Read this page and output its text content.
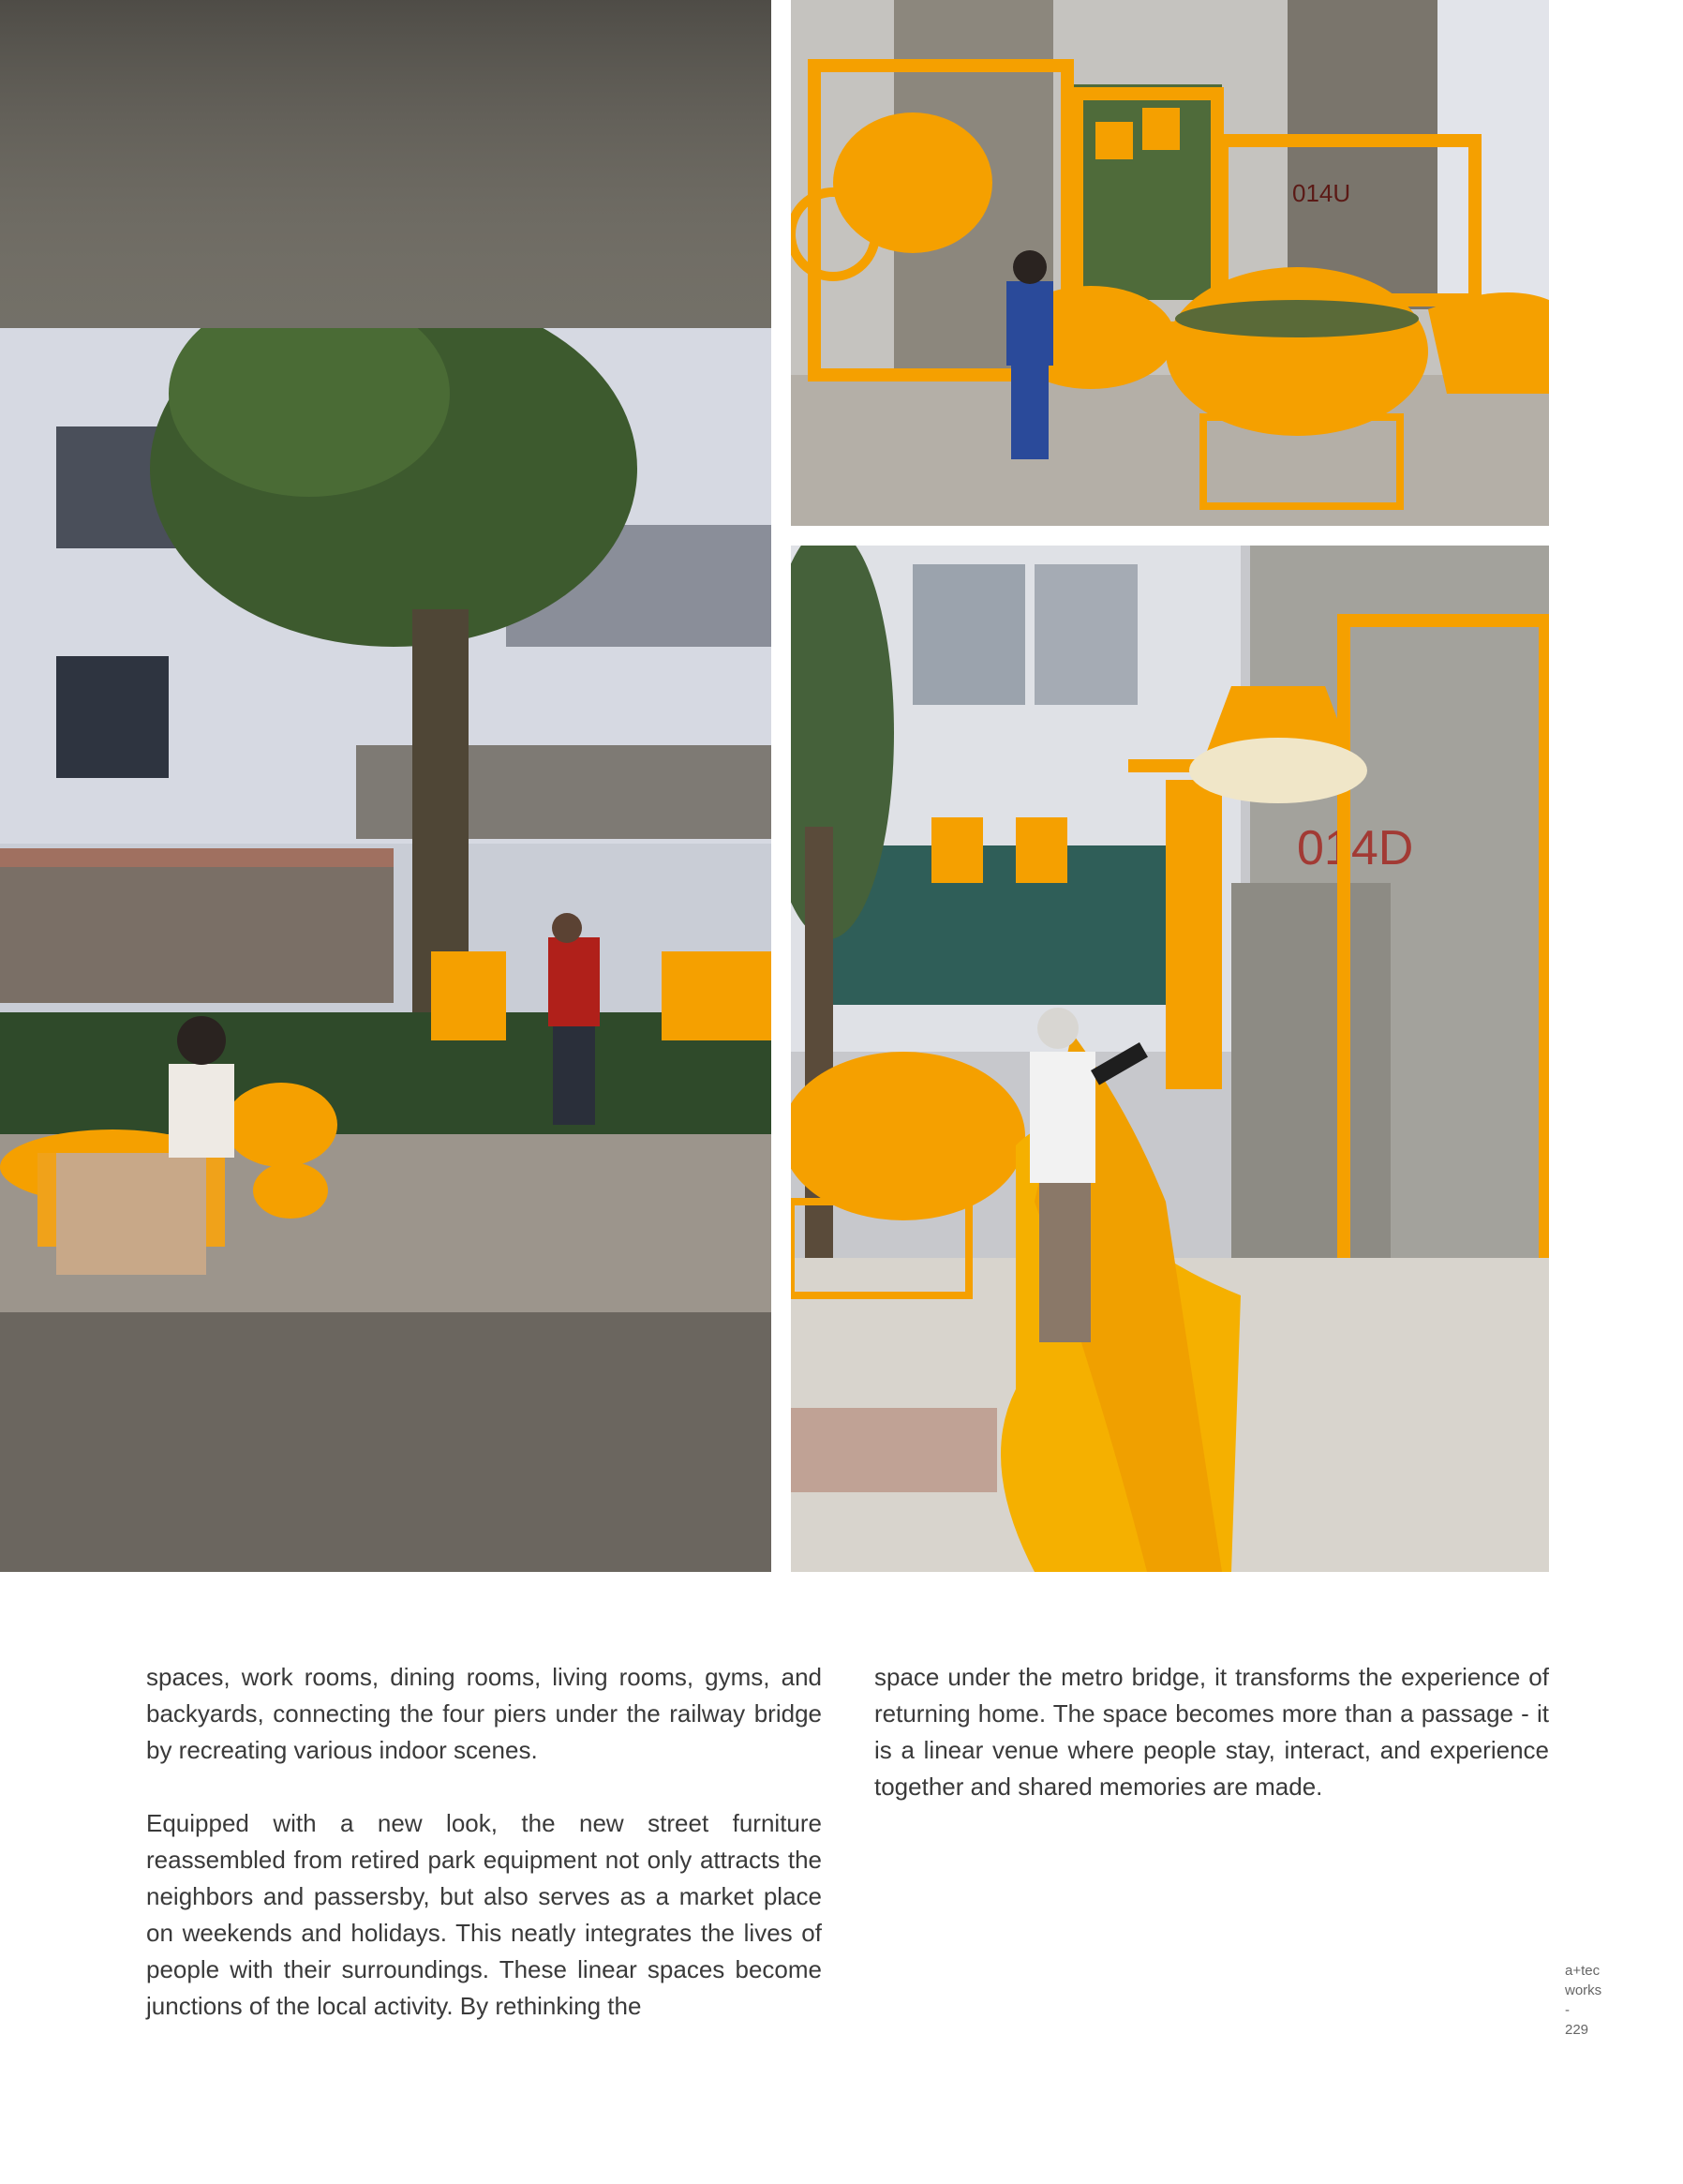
014U
014D

spaces, work rooms, dining rooms, living rooms, gyms, and backyards, connecting the four piers under the railway bridge by recreating various indoor scenes.

Equipped with a new look, the new street furniture reassembled from retired park equipment not only attracts the neighbors and passersby, but also serves as a market place on weekends and holidays. This neatly integrates the lives of people with their surroundings. These linear spaces become junctions of the local activity. By rethinking the

space under the metro bridge, it transforms the experience of returning home. The space becomes more than a passage - it is a linear venue where people stay, interact, and experience together and shared memories are made.

a+tec
works
-
229
